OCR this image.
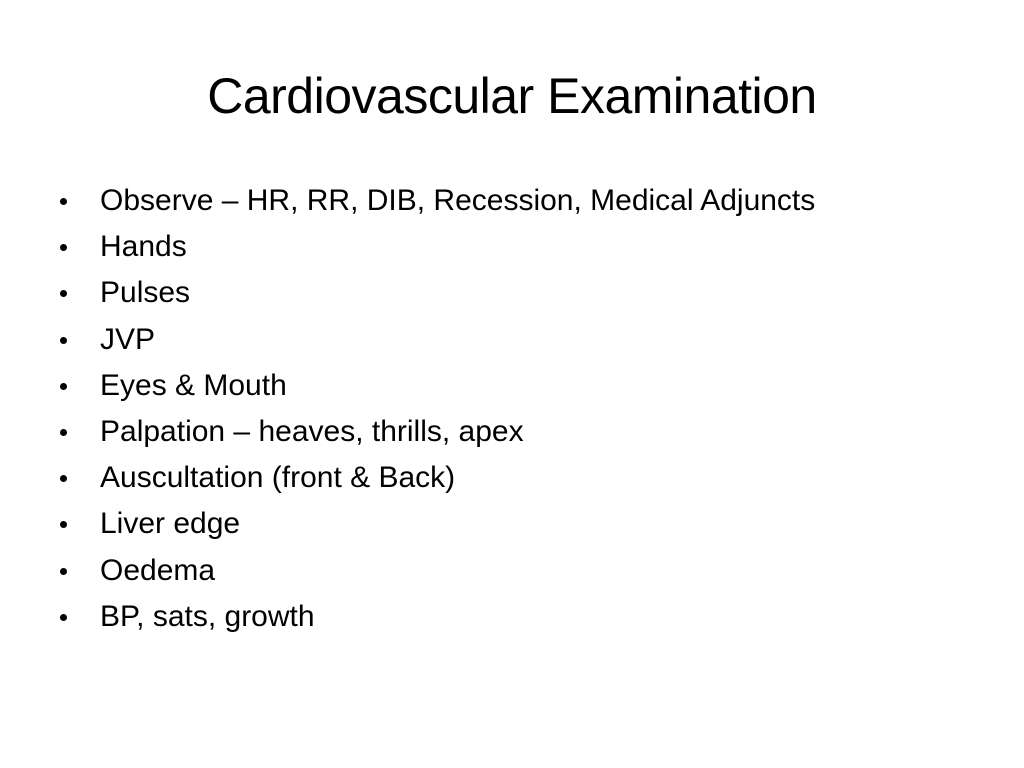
Cardiovascular Examination
Observe – HR, RR, DIB, Recession, Medical Adjuncts
Hands
Pulses
JVP
Eyes & Mouth
Palpation – heaves, thrills, apex
Auscultation (front & Back)
Liver edge
Oedema
BP, sats, growth
